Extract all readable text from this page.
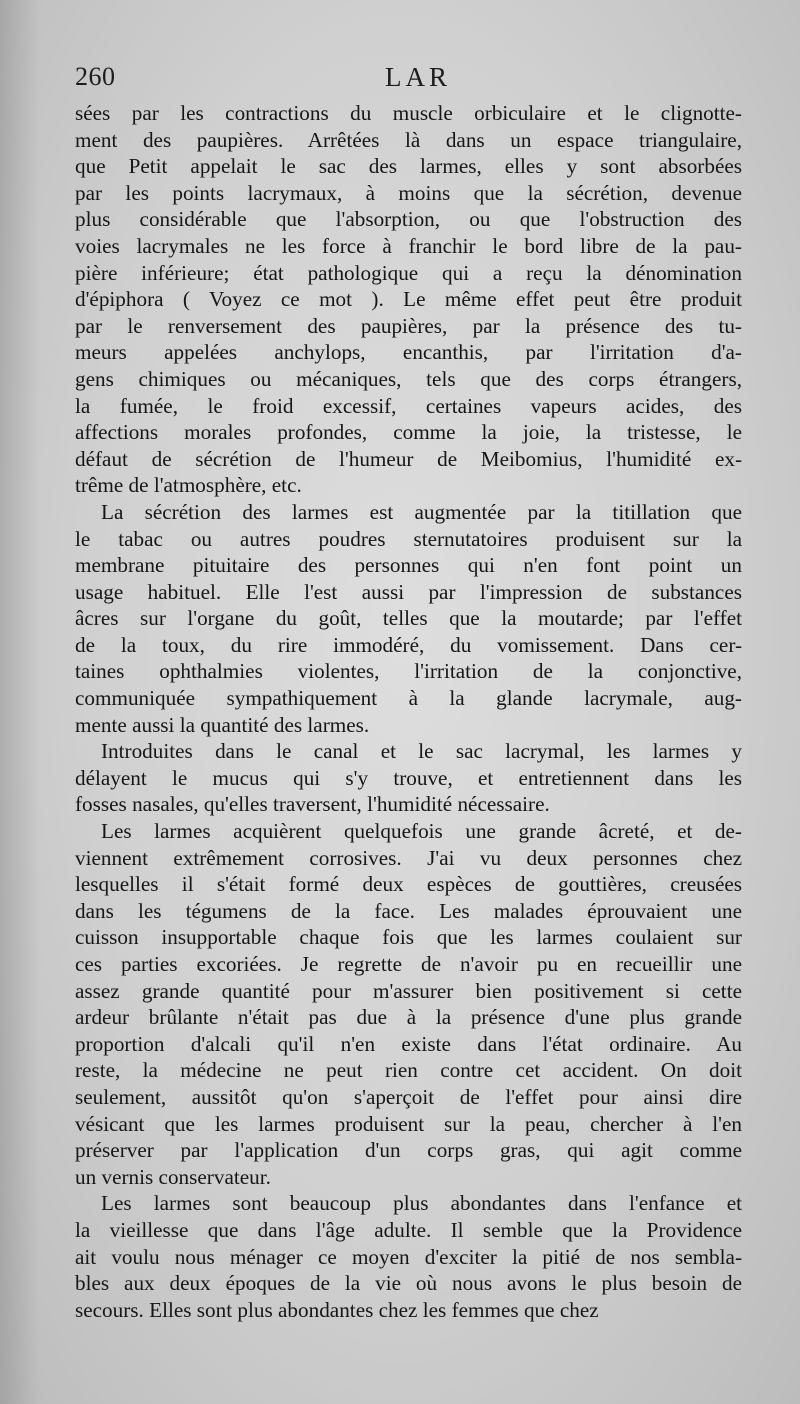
260	LAR
sées par les contractions du muscle orbiculaire et le clignotte-
ment des paupières. Arrêtées là dans un espace triangulaire,
que Petit appelait le sac des larmes, elles y sont absorbées
par les points lacrymaux, à moins que la sécrétion, devenue
plus considérable que l'absorption, ou que l'obstruction des
voies lacrymales ne les force à franchir le bord libre de la pau-
pière inférieure; état pathologique qui a reçu la dénomination
d'épiphora ( Voyez ce mot ). Le même effet peut être produit
par le renversement des paupières, par la présence des tu-
meurs appelées anchylops, encanthis, par l'irritation d'a-
gens chimiques ou mécaniques, tels que des corps étrangers,
la fumée, le froid excessif, certaines vapeurs acides, des
affections morales profondes, comme la joie, la tristesse, le
défaut de sécrétion de l'humeur de Meibomius, l'humidité ex-
trême de l'atmosphère, etc.
La sécrétion des larmes est augmentée par la titillation que
le tabac ou autres poudres sternutatoires produisent sur la
membrane pituitaire des personnes qui n'en font point un
usage habituel. Elle l'est aussi par l'impression de substances
âcres sur l'organe du goût, telles que la moutarde; par l'effet
de la toux, du rire immodéré, du vomissement. Dans cer-
taines ophthalmies violentes, l'irritation de la conjonctive,
communiquée sympathiquement à la glande lacrymale, aug-
mente aussi la quantité des larmes.
Introduites dans le canal et le sac lacrymal, les larmes y
délayent le mucus qui s'y trouve, et entretiennent dans les
fosses nasales, qu'elles traversent, l'humidité nécessaire.
Les larmes acquièrent quelquefois une grande âcreté, et de-
viennent extrêmement corrosives. J'ai vu deux personnes chez
lesquelles il s'était formé deux espèces de gouttières, creusées
dans les tégumens de la face. Les malades éprouvaient une
cuisson insupportable chaque fois que les larmes coulaient sur
ces parties excoriées. Je regrette de n'avoir pu en recueillir une
assez grande quantité pour m'assurer bien positivement si cette
ardeur brûlante n'était pas due à la présence d'une plus grande
proportion d'alcali qu'il n'en existe dans l'état ordinaire. Au
reste, la médecine ne peut rien contre cet accident. On doit
seulement, aussitôt qu'on s'aperçoit de l'effet pour ainsi dire
vésicant que les larmes produisent sur la peau, chercher à l'en
préserver par l'application d'un corps gras, qui agit comme
un vernis conservateur.
Les larmes sont beaucoup plus abondantes dans l'enfance et
la vieillesse que dans l'âge adulte. Il semble que la Providence
ait voulu nous ménager ce moyen d'exciter la pitié de nos sembla-
bles aux deux époques de la vie où nous avons le plus besoin de
secours. Elles sont plus abondantes chez les femmes que chez
